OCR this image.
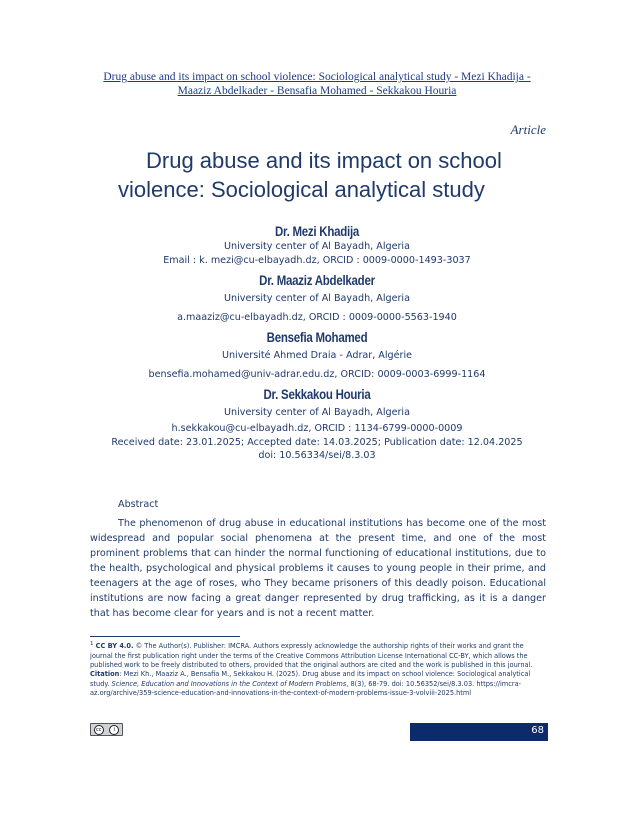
Drug abuse and its impact on school violence: Sociological analytical study - Mezi Khadija -
Maaziz Abdelkader - Bensafia Mohamed - Sekkakou Houria
Article
Drug abuse and its impact on school
violence: Sociological analytical study
Dr. Mezi Khadija
University center of Al Bayadh, Algeria
Email : k. mezi@cu-elbayadh.dz, ORCID : 0009-0000-1493-3037
Dr. Maaziz Abdelkader
University center of Al Bayadh, Algeria
a.maaziz@cu-elbayadh.dz, ORCID : 0009-0000-5563-1940
Bensefia Mohamed
Université Ahmed Draia - Adrar, Algérie
bensefia.mohamed@univ-adrar.edu.dz, ORCID: 0009-0003-6999-1164
Dr. Sekkakou Houria
University center of Al Bayadh, Algeria
h.sekkakou@cu-elbayadh.dz, ORCID : 1134-6799-0000-0009
Received date: 23.01.2025; Accepted date: 14.03.2025; Publication date: 12.04.2025
doi: 10.56334/sei/8.3.03
Abstract
The phenomenon of drug abuse in educational institutions has become one of the most widespread and popular social phenomena at the present time, and one of the most prominent problems that can hinder the normal functioning of educational institutions, due to the health, psychological and physical problems it causes to young people in their prime, and teenagers at the age of roses, who They became prisoners of this deadly poison. Educational institutions are now facing a great danger represented by drug trafficking, as it is a danger that has become clear for years and is not a recent matter.
$^1$ CC BY 4.0. © The Author(s). Publisher: IMCRA. Authors expressly acknowledge the authorship rights of their works and grant the journal the first publication right under the terms of the Creative Commons Attribution License International CC-BY, which allows the published work to be freely distributed to others, provided that the original authors are cited and the work is published in this journal.
Citation: Mezi Kh., Maaziz A., Bensafia M., Sekkakou H. (2025). Drug abuse and its impact on school violence: Sociological analytical study. Science, Education and Innovations in the Context of Modern Problems, 8(3), 68-79. doi: 10.56352/sei/8.3.03. https://imcra-az.org/archive/359-science-education-and-innovations-in-the-context-of-modern-problems-issue-3-volviii-2025.html
cc	i	68
